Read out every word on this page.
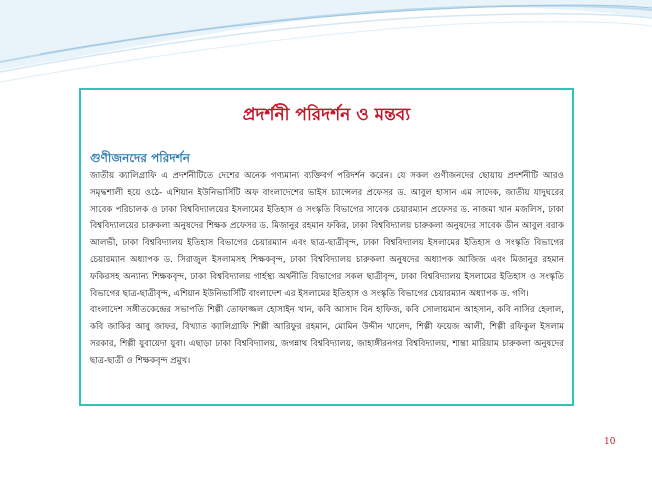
প্রদর্শনী পরিদর্শন ও মন্তব্য
গুণীজনদের পরিদর্শন

জাতীয় ক্যালিগ্রাফি এ প্রদর্শনীটিতে দেশের অনেক গণ্যমান্য ব্যক্তিবর্গ পরিদর্শন করেন। যে সকল গুণীজনদের ছোয়ায় প্রদর্শনীটি আরও সমৃদ্ধশালী হয়ে ওঠে- এশিয়ান ইউনিভার্সিটি অফ বাংলাদেশের ভাইস চ্যান্সেলর প্রফেসর ড. আবুল হাসান এম সাদেক, জাতীয় যাদুঘরের সাবেক পরিচালক ও ঢাকা বিশ্ববিদ্যালয়ের ইসলামের ইতিহাস ও সংস্কৃতি বিভাগের সাবেক চেয়ারম্যান প্রফেসর ড. নাজমা খান মজলিস, ঢাকা বিশ্ববিদ্যালয়ের চারুকলা অনুষদের শিক্ষক প্রফেসর ড. মিজানুর রহমান ফকির, ঢাকা বিশ্ববিদ্যালয় চারুকলা অনুষদের সাবেক ডীন আবুল বরাক আলভী, ঢাকা বিশ্ববিদ্যালয় ইতিহাস বিভাগের চেয়ারম্যান এবং ছাত্র-ছাত্রীবৃন্দ, ঢাকা বিশ্ববিদ্যালয় ইসলামের ইতিহাস ও সংস্কৃতি বিভাগের চেয়ারম্যান অধ্যাপক ড. সিরাজুল ইসলামসহ শিক্ষকবৃন্দ, ঢাকা বিশ্ববিদ্যালয় চারুকলা অনুষদের অধ্যাপক আজিজ এবং মিজানুর রহমান ফকিরসহ অন্যান্য শিক্ষকবৃন্দ, ঢাকা বিশ্ববিদ্যালয় গার্হস্থ্য অর্থনীতি বিভাগের সকল ছাত্রীবৃন্দ, ঢাকা বিশ্ববিদ্যালয় ইসলামের ইতিহাস ও সংস্কৃতি বিভাগের ছাত্র-ছাত্রীবৃন্দ, এশিয়ান ইউনিভার্সিটি বাংলাদেশ এর ইসলামের ইতিহাস ও সংস্কৃতি বিভাগের চেয়ারম্যান অধ্যাপক ড. গণি।

বাংলাদেশ সঙ্গীতকেন্দ্রের সভাপতি শিল্পী তোফাজ্জল হোসাইন খান, কবি আসাদ বিন হাফিজ, কবি সোলায়মান আহসান, কবি নাসির হেলাল, কবি জাকির আবু জাফর, বিখ্যাত ক্যালিগ্রাফি শিল্পী আরিফুর রহমান, মোমিন উদ্দীন খালেদ, শিল্পী ফয়েজ আলী, শিল্পী রফিকুল ইসলাম সরকার, শিল্পী যুবায়েদা যুবা। এছাড়া ঢাকা বিশ্ববিদ্যালয়, জগন্নাথ বিশ্ববিদ্যালয়, জাহাঙ্গীরনগর বিশ্ববিদ্যালয়, শান্তা মারিয়াম চারুকলা অনুষদের ছাত্র-ছাত্রী ও শিক্ষকবৃন্দ প্রমুখ।

10
